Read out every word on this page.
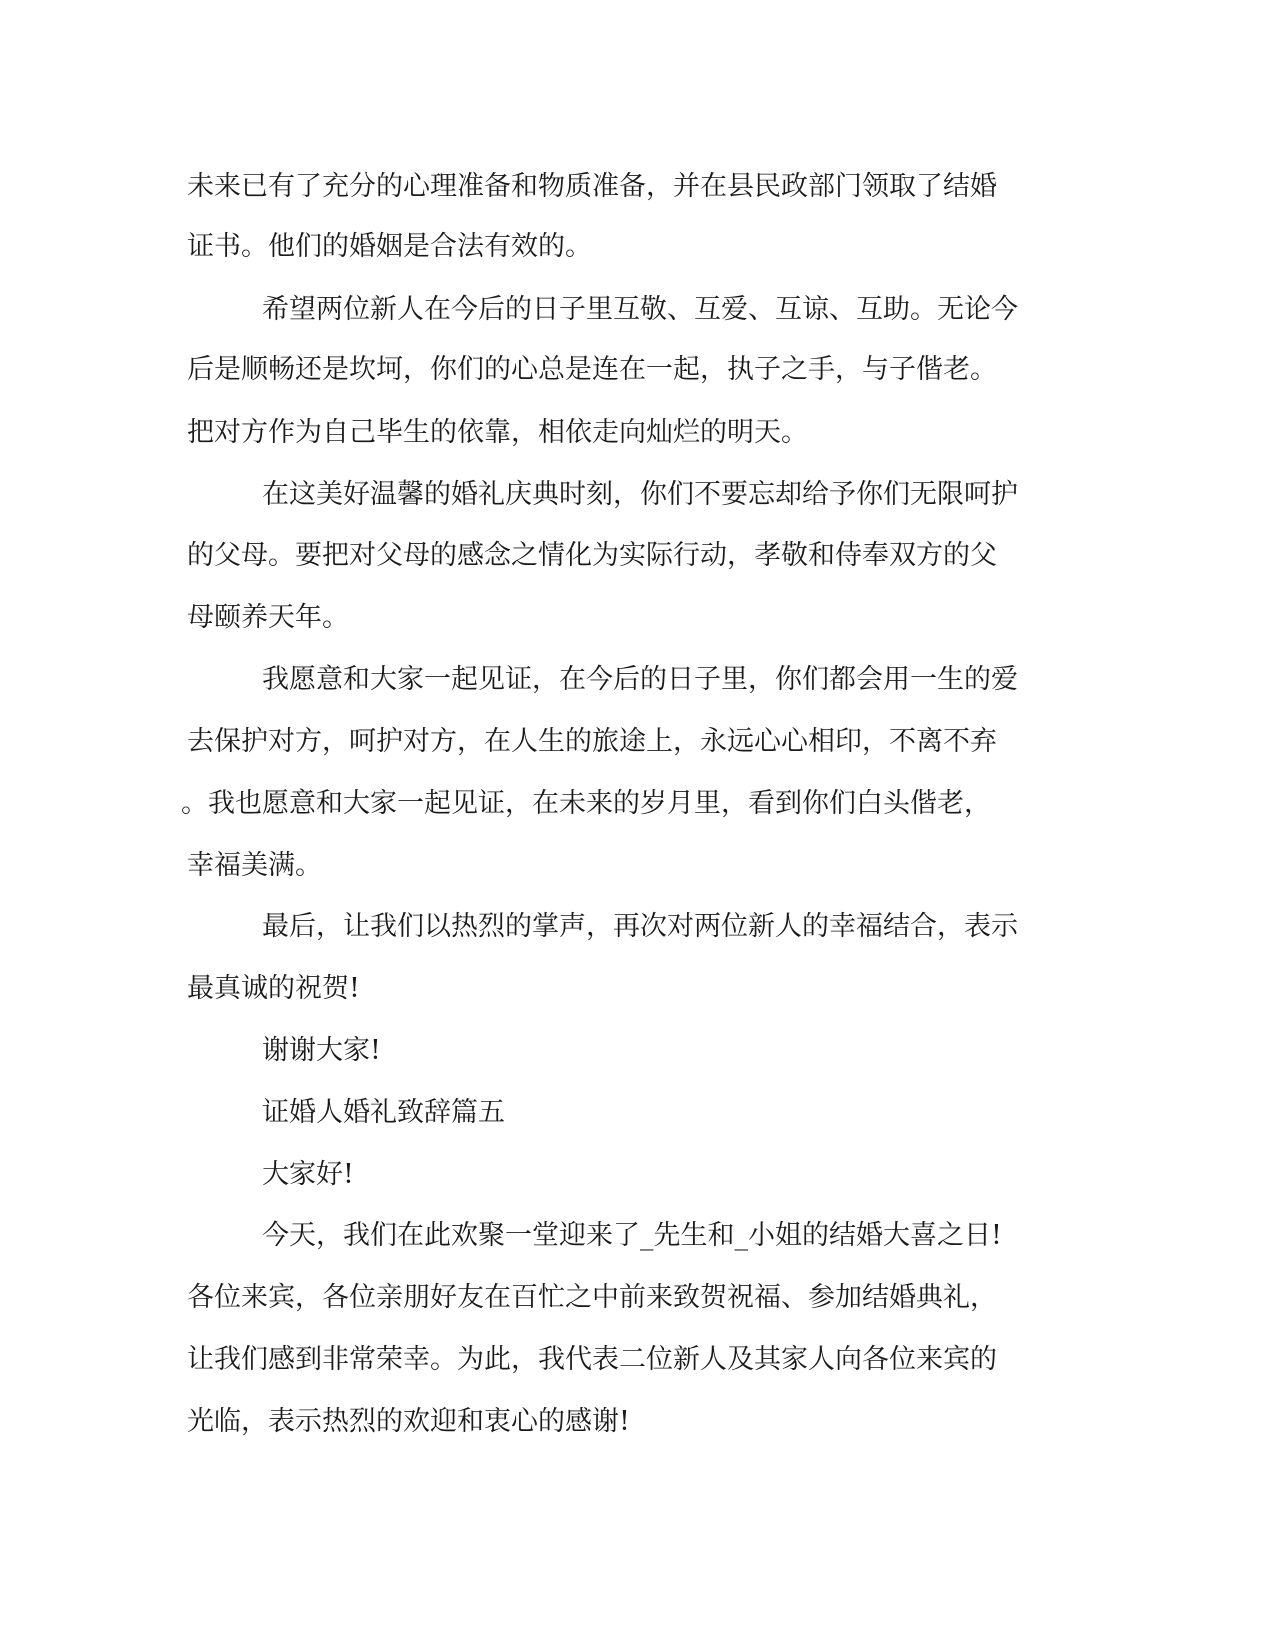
未来已有了充分的心理准备和物质准备，并在县民政部门领取了结婚
证书。他们的婚姻是合法有效的。
希望两位新人在今后的日子里互敬、互爱、互谅、互助。无论今
后是顺畅还是坎坷，你们的心总是连在一起，执子之手，与子偕老。
把对方作为自己毕生的依靠，相依走向灿烂的明天。
在这美好温馨的婚礼庆典时刻，你们不要忘却给予你们无限呵护
的父母。要把对父母的感念之情化为实际行动，孝敬和侍奉双方的父
母颐养天年。
我愿意和大家一起见证，在今后的日子里，你们都会用一生的爱
去保护对方，呵护对方，在人生的旅途上，永远心心相印，不离不弃
。我也愿意和大家一起见证，在未来的岁月里，看到你们白头偕老，
幸福美满。
最后，让我们以热烈的掌声，再次对两位新人的幸福结合，表示
最真诚的祝贺!
谢谢大家!
证婚人婚礼致辞篇五
大家好!
今天，我们在此欢聚一堂迎来了_先生和_小姐的结婚大喜之日!
各位来宾，各位亲朋好友在百忙之中前来致贺祝福、参加结婚典礼，
让我们感到非常荣幸。为此，我代表二位新人及其家人向各位来宾的
光临，表示热烈的欢迎和衷心的感谢!
